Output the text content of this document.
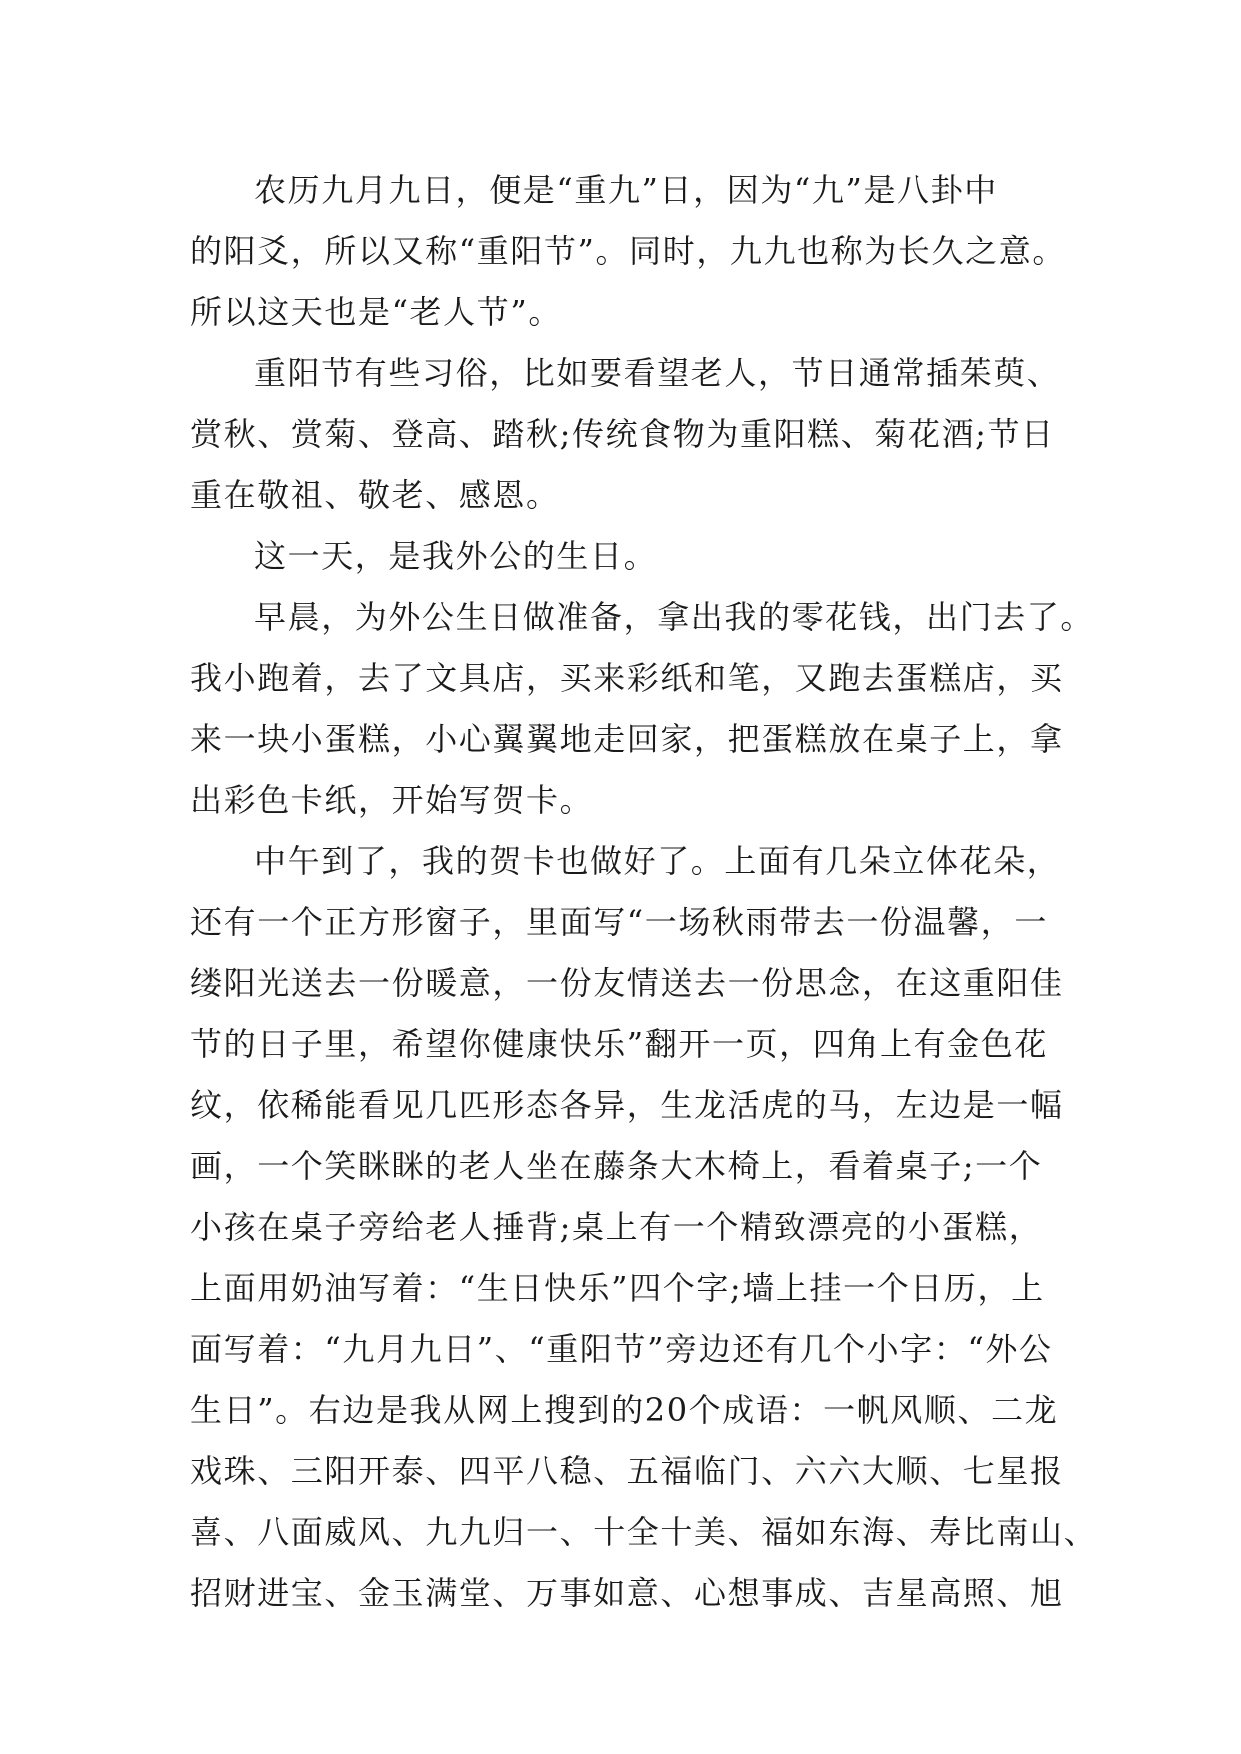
农历九月九日，便是“重九”日，因为“九”是八卦中
的阳爻，所以又称“重阳节”。同时，九九也称为长久之意。
所以这天也是“老人节”。

重阳节有些习俗，比如要看望老人，节日通常插茱萸、
赏秋、赏菊、登高、踏秋;传统食物为重阳糕、菊花酒;节日
重在敬祖、敬老、感恩。

这一天，是我外公的生日。

早晨，为外公生日做准备，拿出我的零花钱，出门去了。
我小跑着，去了文具店，买来彩纸和笔，又跑去蛋糕店，买
来一块小蛋糕，小心翼翼地走回家，把蛋糕放在桌子上，拿
出彩色卡纸，开始写贺卡。

中午到了，我的贺卡也做好了。上面有几朵立体花朵，
还有一个正方形窗子，里面写“一场秋雨带去一份温馨，一
缕阳光送去一份暖意，一份友情送去一份思念，在这重阳佳
节的日子里，希望你健康快乐”翻开一页，四角上有金色花
纹，依稀能看见几匹形态各异，生龙活虎的马，左边是一幅
画，一个笑眯眯的老人坐在藤条大木椅上，看着桌子;一个
小孩在桌子旁给老人捶背;桌上有一个精致漂亮的小蛋糕，
上面用奶油写着：“生日快乐”四个字;墙上挂一个日历，上
面写着：“九月九日”、“重阳节”旁边还有几个小字：“外公
生日”。右边是我从网上搜到的20个成语：一帆风顺、二龙
戏珠、三阳开泰、四平八稳、五福临门、六六大顺、七星报
喜、八面威风、九九归一、十全十美、福如东海、寿比南山、
招财进宝、金玉满堂、万事如意、心想事成、吉星高照、旭
